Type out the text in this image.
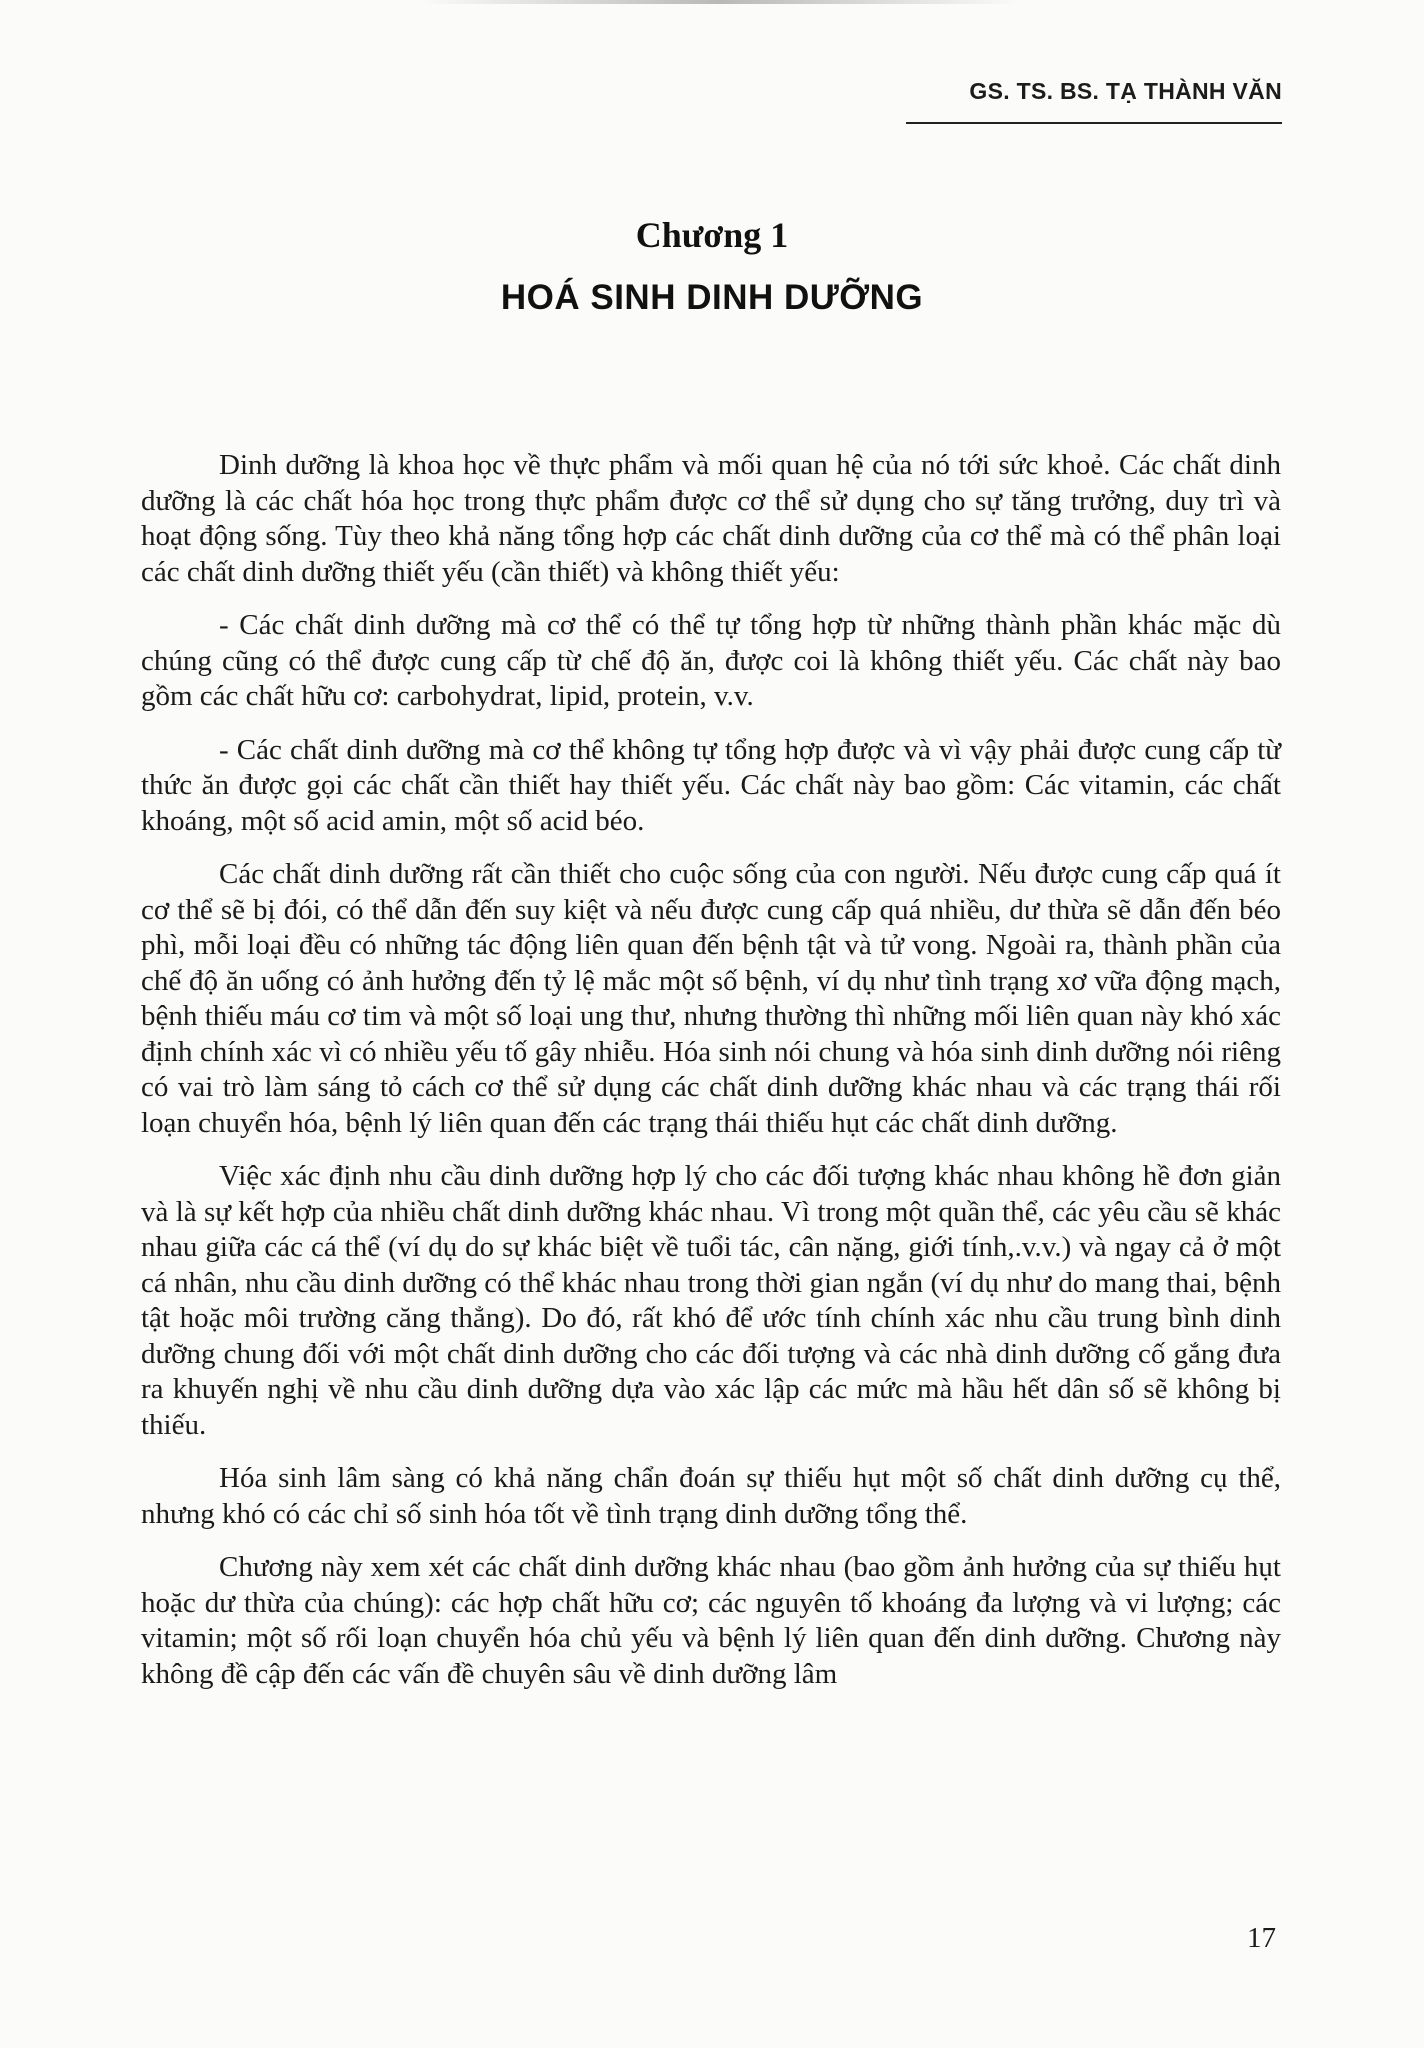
GS. TS. BS. TẠ THÀNH VĂN
Chương 1
HOÁ SINH DINH DƯỠNG

Dinh dưỡng là khoa học về thực phẩm và mối quan hệ của nó tới sức khoẻ. Các chất dinh dưỡng là các chất hóa học trong thực phẩm được cơ thể sử dụng cho sự tăng trưởng, duy trì và hoạt động sống. Tùy theo khả năng tổng hợp các chất dinh dưỡng của cơ thể mà có thể phân loại các chất dinh dưỡng thiết yếu (cần thiết) và không thiết yếu:

- Các chất dinh dưỡng mà cơ thể có thể tự tổng hợp từ những thành phần khác mặc dù chúng cũng có thể được cung cấp từ chế độ ăn, được coi là không thiết yếu. Các chất này bao gồm các chất hữu cơ: carbohydrat, lipid, protein, v.v.

- Các chất dinh dưỡng mà cơ thể không tự tổng hợp được và vì vậy phải được cung cấp từ thức ăn được gọi các chất cần thiết hay thiết yếu. Các chất này bao gồm: Các vitamin, các chất khoáng, một số acid amin, một số acid béo.

Các chất dinh dưỡng rất cần thiết cho cuộc sống của con người. Nếu được cung cấp quá ít cơ thể sẽ bị đói, có thể dẫn đến suy kiệt và nếu được cung cấp quá nhiều, dư thừa sẽ dẫn đến béo phì, mỗi loại đều có những tác động liên quan đến bệnh tật và tử vong. Ngoài ra, thành phần của chế độ ăn uống có ảnh hưởng đến tỷ lệ mắc một số bệnh, ví dụ như tình trạng xơ vữa động mạch, bệnh thiếu máu cơ tim và một số loại ung thư, nhưng thường thì những mối liên quan này khó xác định chính xác vì có nhiều yếu tố gây nhiễu. Hóa sinh nói chung và hóa sinh dinh dưỡng nói riêng có vai trò làm sáng tỏ cách cơ thể sử dụng các chất dinh dưỡng khác nhau và các trạng thái rối loạn chuyển hóa, bệnh lý liên quan đến các trạng thái thiếu hụt các chất dinh dưỡng.

Việc xác định nhu cầu dinh dưỡng hợp lý cho các đối tượng khác nhau không hề đơn giản và là sự kết hợp của nhiều chất dinh dưỡng khác nhau. Vì trong một quần thể, các yêu cầu sẽ khác nhau giữa các cá thể (ví dụ do sự khác biệt về tuổi tác, cân nặng, giới tính,.v.v.) và ngay cả ở một cá nhân, nhu cầu dinh dưỡng có thể khác nhau trong thời gian ngắn (ví dụ như do mang thai, bệnh tật hoặc môi trường căng thẳng). Do đó, rất khó để ước tính chính xác nhu cầu trung bình dinh dưỡng chung đối với một chất dinh dưỡng cho các đối tượng và các nhà dinh dưỡng cố gắng đưa ra khuyến nghị về nhu cầu dinh dưỡng dựa vào xác lập các mức mà hầu hết dân số sẽ không bị thiếu.

Hóa sinh lâm sàng có khả năng chẩn đoán sự thiếu hụt một số chất dinh dưỡng cụ thể, nhưng khó có các chỉ số sinh hóa tốt về tình trạng dinh dưỡng tổng thể.

Chương này xem xét các chất dinh dưỡng khác nhau (bao gồm ảnh hưởng của sự thiếu hụt hoặc dư thừa của chúng): các hợp chất hữu cơ; các nguyên tố khoáng đa lượng và vi lượng; các vitamin; một số rối loạn chuyển hóa chủ yếu và bệnh lý liên quan đến dinh dưỡng. Chương này không đề cập đến các vấn đề chuyên sâu về dinh dưỡng lâm

17
